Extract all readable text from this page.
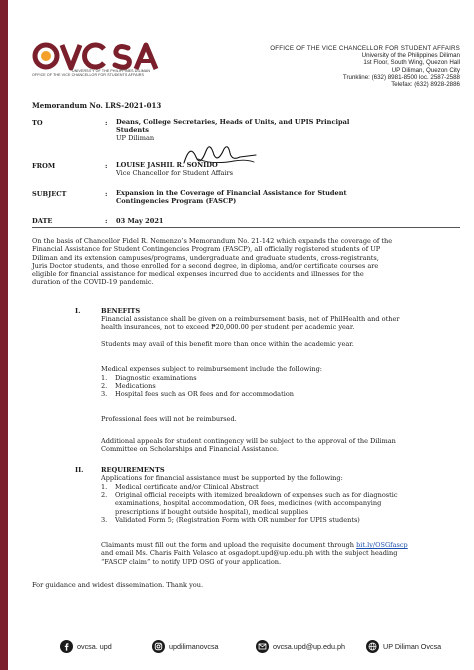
UNIVERSITY OF THE PHILIPPINES DILIMAN
OFFICE OF THE VICE CHANCELLOR FOR STUDENTS AFFAIRS
OFFICE OF THE VICE CHANCELLOR FOR STUDENT AFFAIRS
University of the Philippines Diliman
1st Floor, South Wing, Quezon Hall
UP Diliman, Quezon City
Trunkline: (632) 8981-8500 loc. 2587-2588
Telefax: (632) 8928-2886
Memorandum No. LRS-2021-013
TO	: Deans, College Secretaries, Heads of Units, and UPIS Principal
Students
UP Diliman
FROM	: LOUISE JASHIL R. SONIDO
Vice Chancellor for Student Affairs
SUBJECT	: Expansion in the Coverage of Financial Assistance for Student
Contingencies Program (FASCP)
DATE	: 03 May 2021
On the basis of Chancellor Fidel R. Nemenzo’s Memorandum No. 21-142 which expands the coverage of the
Financial Assistance for Student Contingencies Program (FASCP), all officially registered students of UP
Diliman and its extension campuses/programs, undergraduate and graduate students, cross-registrants,
Juris Doctor students, and those enrolled for a second degree, in diploma, and/or certificate courses are
eligible for financial assistance for medical expenses incurred due to accidents and illnesses for the
duration of the COVID-19 pandemic.
I.	BENEFITS
Financial assistance shall be given on a reimbursement basis, net of PhilHealth and other
health insurances, not to exceed ₱20,000.00 per student per academic year.
Students may avail of this benefit more than once within the academic year.
Medical expenses subject to reimbursement include the following:
1. Diagnostic examinations
2. Medications
3. Hospital fees such as OR fees and for accommodation
Professional fees will not be reimbursed.
Additional appeals for student contingency will be subject to the approval of the Diliman
Committee on Scholarships and Financial Assistance.
II.	REQUIREMENTS
Applications for financial assistance must be supported by the following:
1. Medical certificate and/or Clinical Abstract
2. Original official receipts with itemized breakdown of expenses such as for diagnostic
examinations, hospital accommodation, OR fees, medicines (with accompanying
prescriptions if bought outside hospital), medical supplies
3. Validated Form 5; (Registration Form with OR number for UPIS students)
Claimants must fill out the form and upload the requisite document through bit.ly/OSGfascp
and email Ms. Charis Faith Velasco at osgadopt.upd@up.edu.ph with the subject heading
“FASCP claim” to notify UPD OSG of your application.
For guidance and widest dissemination. Thank you.
ovcsa. upd	updilimanovcsa	ovcsa.upd@up.edu.ph	UP Diliman Ovcsa
